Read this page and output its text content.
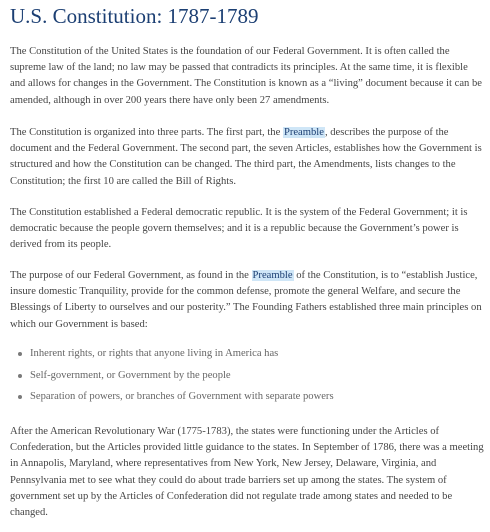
U.S. Constitution: 1787-1789

The Constitution of the United States is the foundation of our Federal Government. It is often called the supreme law of the land; no law may be passed that contradicts its principles. At the same time, it is flexible and allows for changes in the Government. The Constitution is known as a “living” document because it can be amended, although in over 200 years there have only been 27 amendments.

The Constitution is organized into three parts. The first part, the Preamble, describes the purpose of the document and the Federal Government. The second part, the seven Articles, establishes how the Government is structured and how the Constitution can be changed. The third part, the Amendments, lists changes to the Constitution; the first 10 are called the Bill of Rights.

The Constitution established a Federal democratic republic. It is the system of the Federal Government; it is democratic because the people govern themselves; and it is a republic because the Government’s power is derived from its people.

The purpose of our Federal Government, as found in the Preamble of the Constitution, is to “establish Justice, insure domestic Tranquility, provide for the common defense, promote the general Welfare, and secure the Blessings of Liberty to ourselves and our posterity.” The Founding Fathers established three main principles on which our Government is based:

Inherent rights, or rights that anyone living in America has
Self-government, or Government by the people
Separation of powers, or branches of Government with separate powers

After the American Revolutionary War (1775-1783), the states were functioning under the Articles of Confederation, but the Articles provided little guidance to the states. In September of 1786, there was a meeting in Annapolis, Maryland, where representatives from New York, New Jersey, Delaware, Virginia, and Pennsylvania met to see what they could do about trade barriers set up among the states. The system of government set up by the Articles of Confederation did not regulate trade among states and needed to be changed.
